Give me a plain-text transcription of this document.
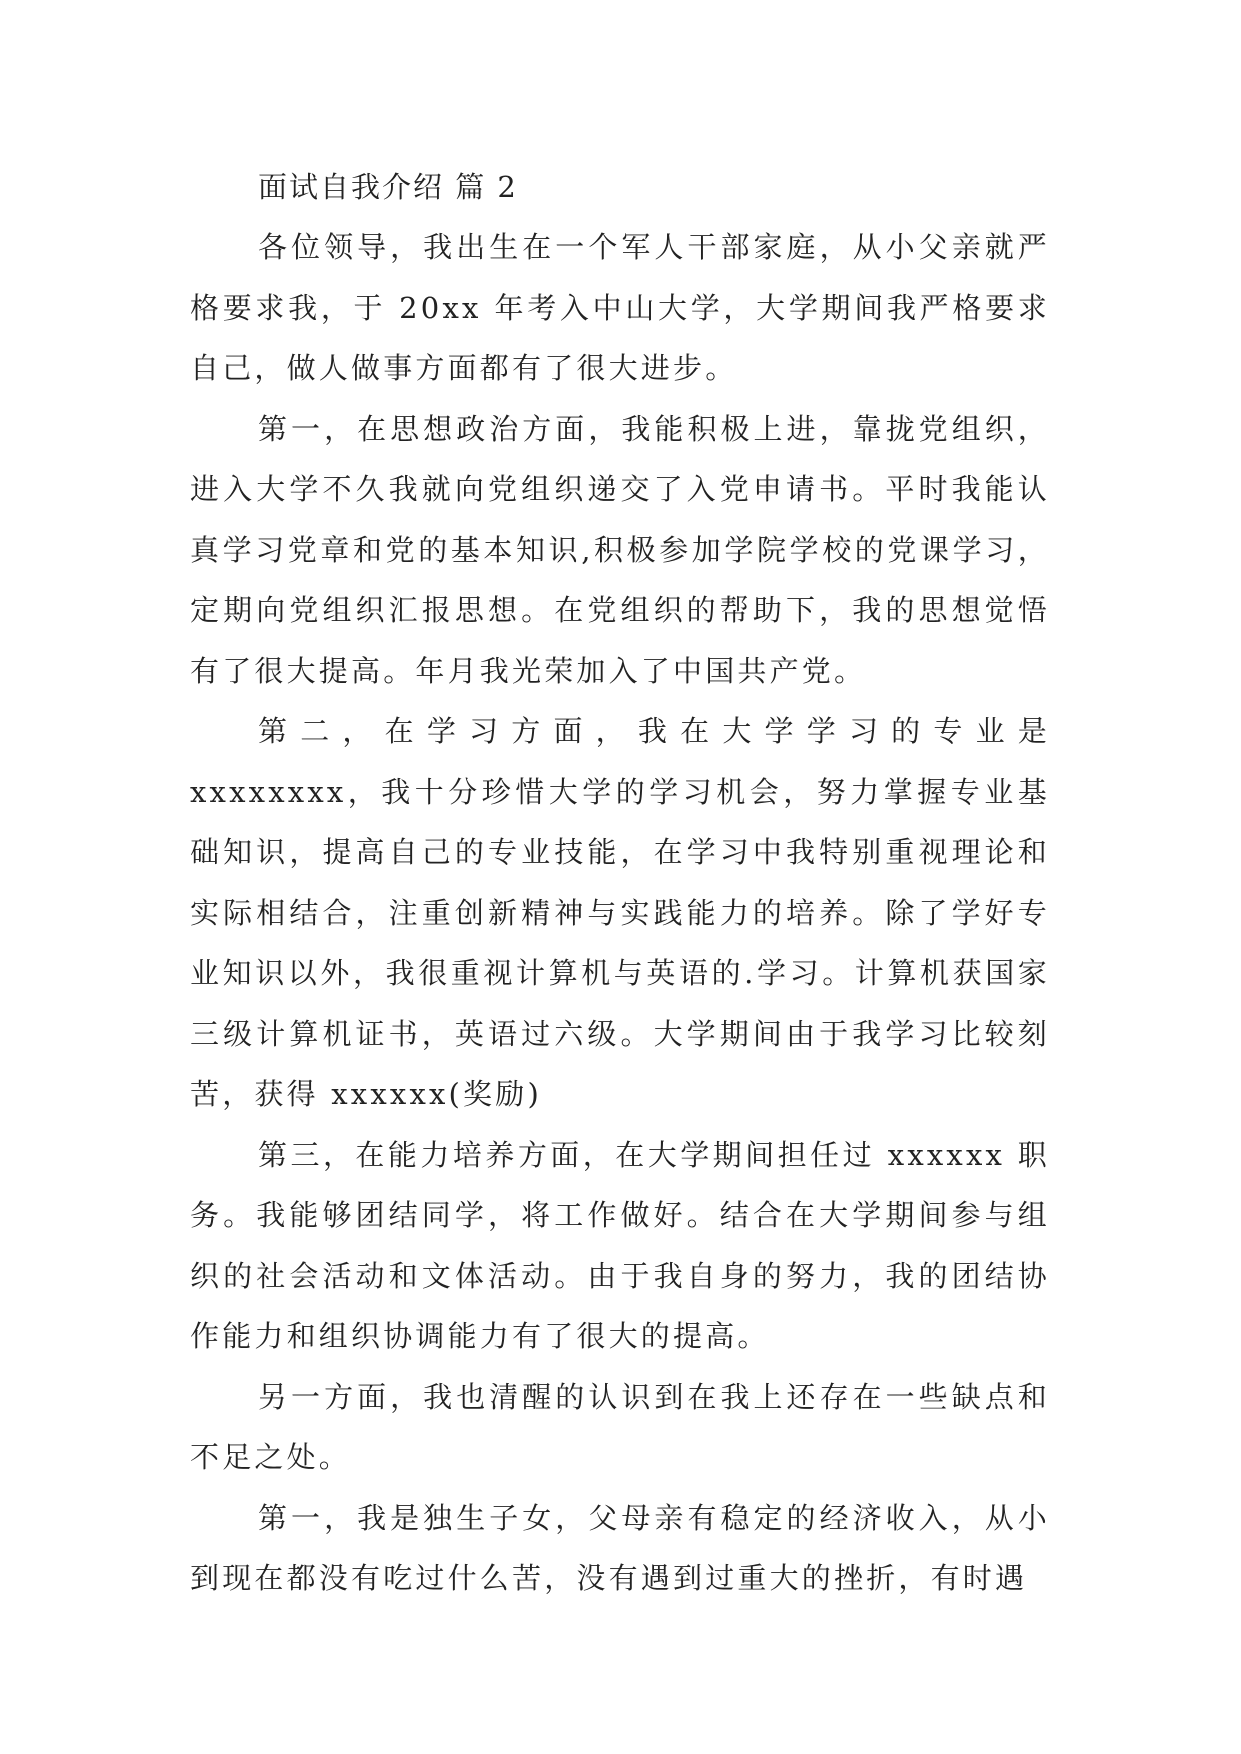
面试自我介绍 篇 2

各位领导，我出生在一个军人干部家庭，从小父亲就严格要求我，于 20xx 年考入中山大学，大学期间我严格要求自己，做人做事方面都有了很大进步。

第一，在思想政治方面，我能积极上进，靠拢党组织，进入大学不久我就向党组织递交了入党申请书。平时我能认真学习党章和党的基本知识,积极参加学院学校的党课学习，定期向党组织汇报思想。在党组织的帮助下，我的思想觉悟有了很大提高。年月我光荣加入了中国共产党。

第二，在学习方面，我在大学学习的专业是 xxxxxxxx，我十分珍惜大学的学习机会，努力掌握专业基础知识，提高自己的专业技能，在学习中我特别重视理论和实际相结合，注重创新精神与实践能力的培养。除了学好专业知识以外，我很重视计算机与英语的.学习。计算机获国家三级计算机证书，英语过六级。大学期间由于我学习比较刻苦，获得 xxxxxx(奖励)

第三，在能力培养方面，在大学期间担任过 xxxxxx 职务。我能够团结同学，将工作做好。结合在大学期间参与组织的社会活动和文体活动。由于我自身的努力，我的团结协作能力和组织协调能力有了很大的提高。

另一方面，我也清醒的认识到在我上还存在一些缺点和不足之处。

第一，我是独生子女，父母亲有稳定的经济收入，从小到现在都没有吃过什么苦，没有遇到过重大的挫折，有时遇
